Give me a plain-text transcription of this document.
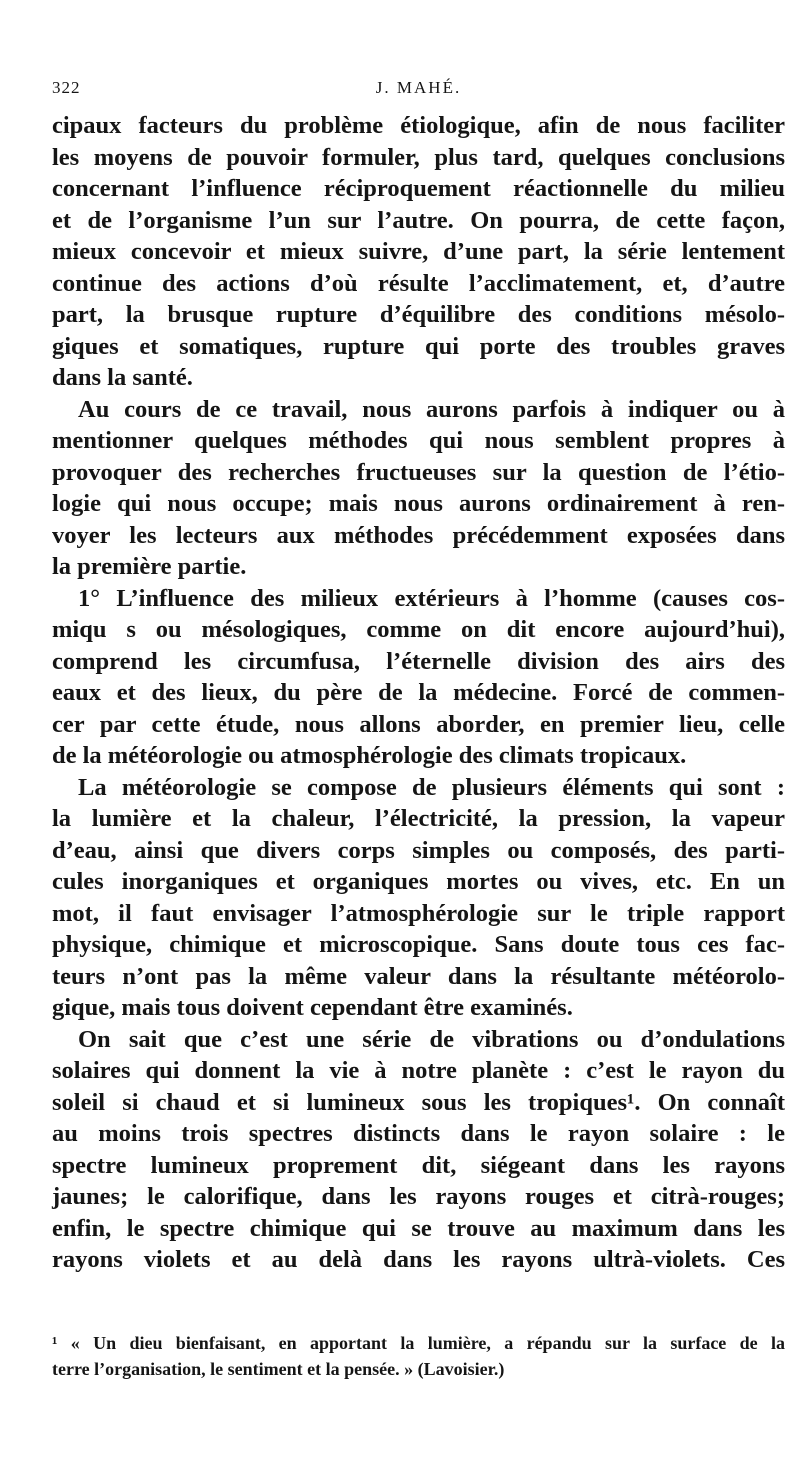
322	J. MAHÉ.
cipaux facteurs du problème étiologique, afin de nous faciliter
les moyens de pouvoir formuler, plus tard, quelques conclusions
concernant l’influence réciproquement réactionnelle du milieu
et de l’organisme l’un sur l’autre. On pourra, de cette façon,
mieux concevoir et mieux suivre, d’une part, la série lentement
continue des actions d’où résulte l’acclimatement, et, d’autre
part, la brusque rupture d’équilibre des conditions mésolo-
giques et somatiques, rupture qui porte des troubles graves
dans la santé.
Au cours de ce travail, nous aurons parfois à indiquer ou à
mentionner quelques méthodes qui nous semblent propres à
provoquer des recherches fructueuses sur la question de l’étio-
logie qui nous occupe; mais nous aurons ordinairement à ren-
voyer les lecteurs aux méthodes précédemment exposées dans
la première partie.
1° L’influence des milieux extérieurs à l’homme (causes cos-
miqu s ou mésologiques, comme on dit encore aujourd’hui),
comprend les circumfusa, l’éternelle division des airs des
eaux et des lieux, du père de la médecine. Forcé de commen-
cer par cette étude, nous allons aborder, en premier lieu, celle
de la météorologie ou atmosphérologie des climats tropicaux.
La météorologie se compose de plusieurs éléments qui sont :
la lumière et la chaleur, l’électricité, la pression, la vapeur
d’eau, ainsi que divers corps simples ou composés, des parti-
cules inorganiques et organiques mortes ou vives, etc. En un
mot, il faut envisager l’atmosphérologie sur le triple rapport
physique, chimique et microscopique. Sans doute tous ces fac-
teurs n’ont pas la même valeur dans la résultante météorolo-
gique, mais tous doivent cependant être examinés.
On sait que c’est une série de vibrations ou d’ondulations
solaires qui donnent la vie à notre planète : c’est le rayon du
soleil si chaud et si lumineux sous les tropiques¹. On connaît
au moins trois spectres distincts dans le rayon solaire : le
spectre lumineux proprement dit, siégeant dans les rayons
jaunes; le calorifique, dans les rayons rouges et citrà-rouges;
enfin, le spectre chimique qui se trouve au maximum dans les
rayons violets et au delà dans les rayons ultrà-violets. Ces
¹ « Un dieu bienfaisant, en apportant la lumière, a répandu sur la surface de la
terre l’organisation, le sentiment et la pensée. » (Lavoisier.)
